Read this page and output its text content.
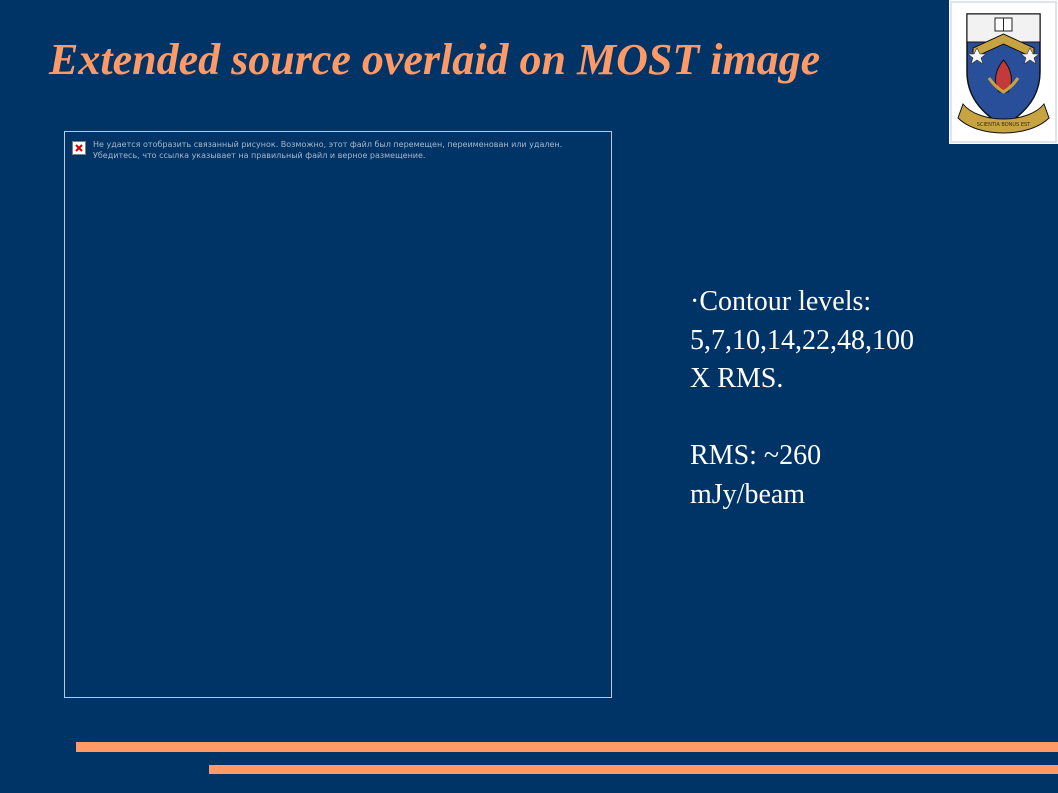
Extended source overlaid on MOST image
SCIENTIA BONUS EST
Не удается отобразить связанный рисунок. Возможно, этот файл был перемещен, переименован или удален. Убедитесь, что ссылка указывает на правильный файл и верное размещение.
·Contour levels:
5,7,10,14,22,48,100
X RMS.
RMS: ~260
mJy/beam
